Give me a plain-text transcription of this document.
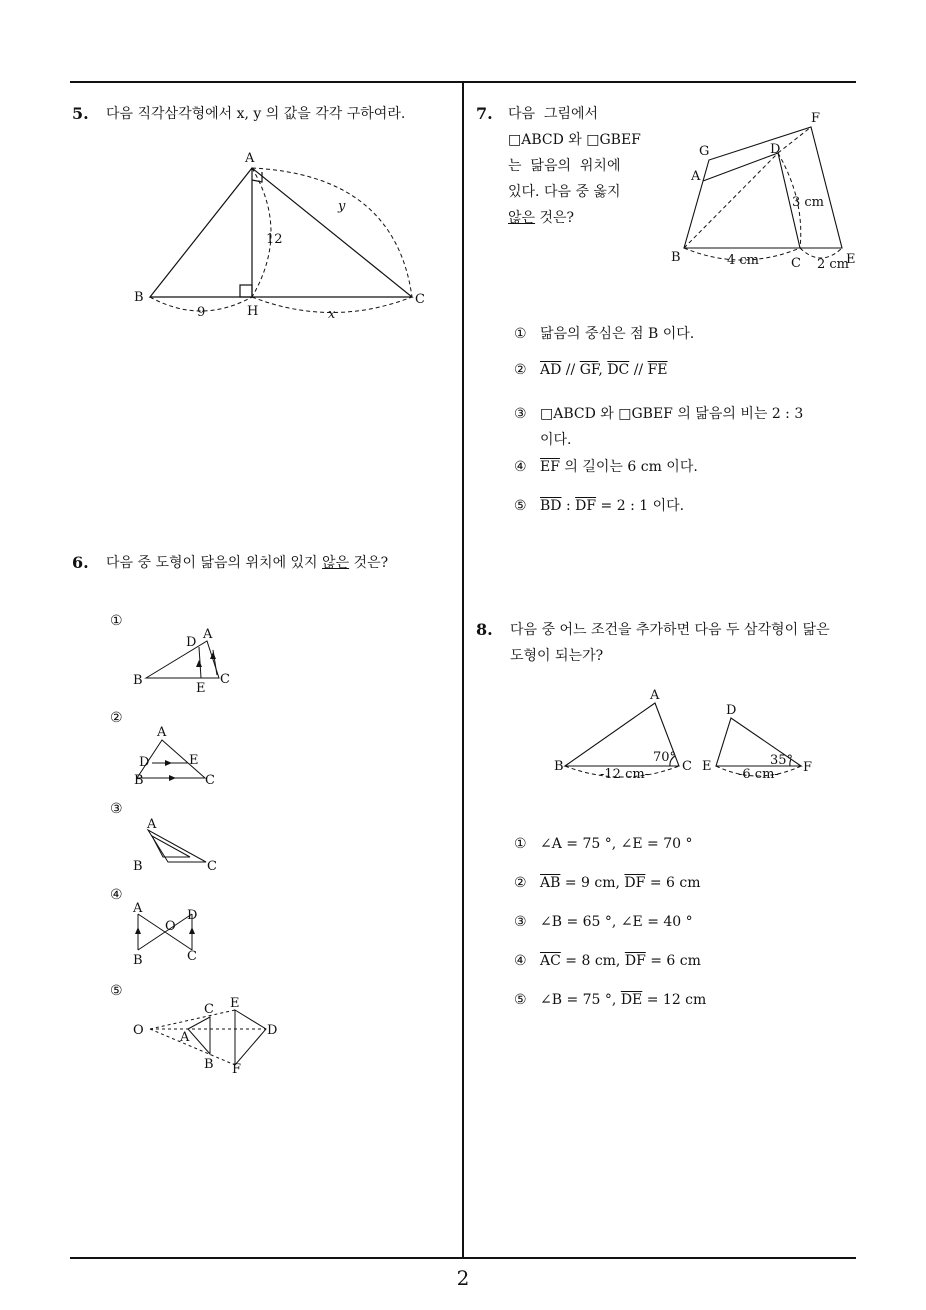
5. 다음 직각삼각형에서 x, y 의 값을 각각 구하여라.
A
B	C
H
9
12
x
y
6. 다음 중 도형이 닮음의 위치에 있지 않은 것은?
①
②
③
④
⑤
D
A
B
E
C
A
D	E
B	C
A
B	C
A	D
O
B	C
O
C E
A	D
B F
7. 다음  그림에서
□ABCD 와 □GBEF
는  닮음의  위치에
있다. 다음 중 옳지
않은 것은?
G	D
F
A
B	C	E
3 cm
4 cm	2 cm
① 닮음의 중심은 점 B 이다.
② $\overline{AD} // \overline{GF}$, $\overline{DC} // \overline{FE}$
③ □ABCD 와 □GBEF 의 닮음의 비는 2 : 3
이다.
④ $\overline{EF}$ 의 길이는 6 cm 이다.
⑤ $\overline{BD}$ : $\overline{DF} = 2$ : 1 이다.
8. 다음 중 어느 조건을 추가하면 다음 두 삼각형이 닮은
도형이 되는가?
A
B	C
70°
-12 cm-
D
E	F
35°
-6 cm-
① ∠A = 75 °, ∠E = 70 °
② $\overline{AB} = 9$ cm, $\overline{DF} = 6$ cm
③ ∠B = 65 °, ∠E = 40 °
④ $\overline{AC} = 8$ cm, $\overline{DF} = 6$ cm
⑤ ∠B = 75 °, $\overline{DE} = 12$ cm
2
